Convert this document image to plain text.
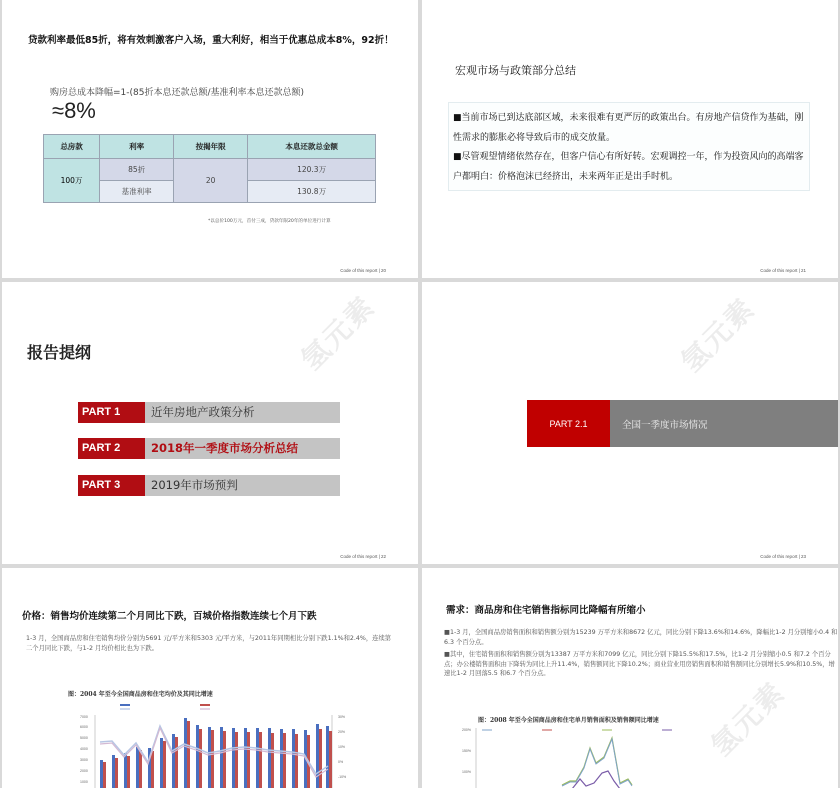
贷款利率最低85折，将有效刺激客户入场，重大利好，相当于优惠总成本8%，92折！
购房总成本降幅=1-(85折本息还款总额/基准利率本息还款总额)
≈8%
总房款	利率	按揭年限	本息还款总金额
100万	85折	20	120.3万
	基准利率		130.8万
*以总价100万元，首付三成，贷款年限20年的单位进行计算
Code of this report | 20
宏观市场与政策部分总结

■当前市场已到达底部区域，未来很难有更严厉的政策出台。有房地产信贷作为基础，刚性需求的膨胀必将导致后市的成交放量。

■尽管观望情绪依然存在，但客户信心有所好转。宏观调控一年，作为投资风向的高端客户都明白：价格泡沫已经挤出，未来两年正是出手时机。

Code of this report | 21
氢元素
报告提纲
PART 1	近年房地产政策分析
PART 2	2018年一季度市场分析总结
PART 3	2019年市场预判
Code of this report | 22
氢元素
PART 2.1	全国一季度市场情况
Code of this report | 23
价格：销售均价连续第二个月同比下跌，百城价格指数连续七个月下跌
1-3 月，全国商品房和住宅销售均价分别为5691 元/平方米和5303 元/平方米，与2011年同期相比分别下跌1.1%和2.4%，连续第二个月同比下跌，与1-2 月均价相比也为下跌。
图：2004 年至今全国商品房和住宅均价及其同比增速
7000
6000
5000
4000
3000
2000
1000
30%
20%
10%
0%
-10%
氢元素
需求：商品房和住宅销售指标同比降幅有所缩小

■1-3 月，全国商品房销售面积和销售额分别为15239 万平方米和8672 亿元，同比分别下降13.6%和14.6%，降幅比1-2 月分别缩小0.4 和6.3 个百分点。

■其中，住宅销售面积和销售额分别为13387 万平方米和7099 亿元，同比分别下降15.5%和17.5%，比1-2 月分别缩小0.5 和7.2 个百分点；办公楼销售面积由下降转为同比上升11.4%，销售额同比下降10.2%；商业营业用房销售面积和销售额同比分别增长5.9%和10.5%，增速比1-2 月回落5.5 和6.7 个百分点。

图：2008 年至今全国商品房和住宅单月销售面积及销售额同比增速
200%
150%
100%
